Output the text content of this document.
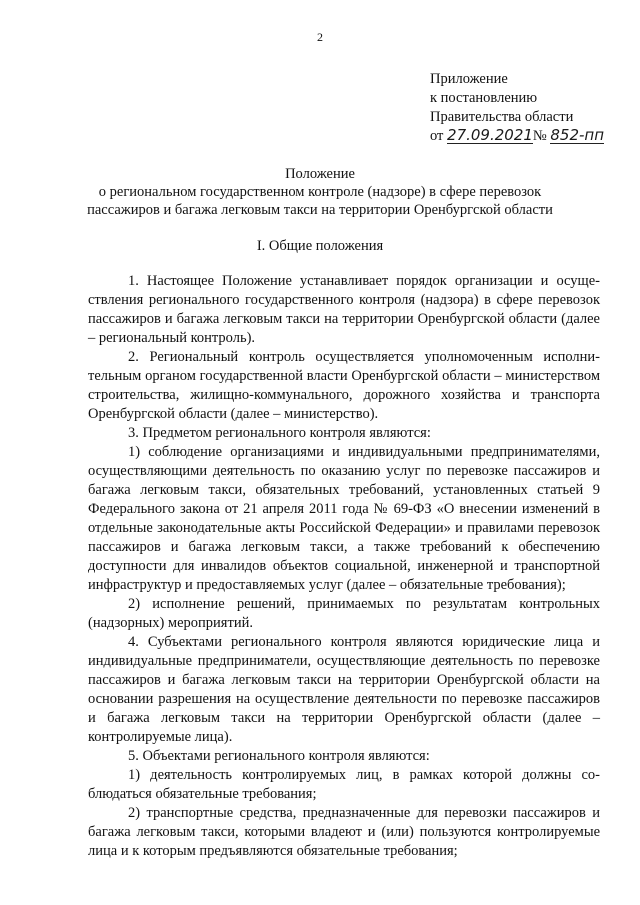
2
Приложение
к постановлению
Правительства области
от 27.09.2021№ 852-пп
Положение
о региональном государственном контроле (надзоре) в сфере перевозок
пассажиров и багажа легковым такси на территории Оренбургской области
I. Общие положения

1. Настоящее Положение устанавливает порядок организации и осуществления регионального государственного контроля (надзора) в сфере перевозок пассажиров и багажа легковым такси на территории Оренбургской области (далее – региональный контроль).

2. Региональный контроль осуществляется уполномоченным исполнительным органом государственной власти Оренбургской области – министерством строительства, жилищно-коммунального, дорожного хозяйства и транспорта Оренбургской области (далее – министерство).

3. Предметом регионального контроля являются:

1) соблюдение организациями и индивидуальными предпринимателями, осуществляющими деятельность по оказанию услуг по перевозке пассажиров и багажа легковым такси, обязательных требований, установленных статьей 9 Федерального закона от 21 апреля 2011 года № 69-ФЗ «О внесении изменений в отдельные законодательные акты Российской Федерации» и правилами перевозок пассажиров и багажа легковым такси, а также требований к обеспечению доступности для инвалидов объектов социальной, инженерной и транспортной инфраструктур и предоставляемых услуг (далее – обязательные требования);

2) исполнение решений, принимаемых по результатам контрольных (надзорных) мероприятий.

4. Субъектами регионального контроля являются юридические лица и индивидуальные предприниматели, осуществляющие деятельность по перевозке пассажиров и багажа легковым такси на территории Оренбургской области на основании разрешения на осуществление деятельности по перевозке пассажиров и багажа легковым такси на территории Оренбургской области (далее – контролируемые лица).

5. Объектами регионального контроля являются:

1) деятельность контролируемых лиц, в рамках которой должны соблюдаться обязательные требования;

2) транспортные средства, предназначенные для перевозки пассажиров и багажа легковым такси, которыми владеют и (или) пользуются контролируемые лица и к которым предъявляются обязательные требования;
